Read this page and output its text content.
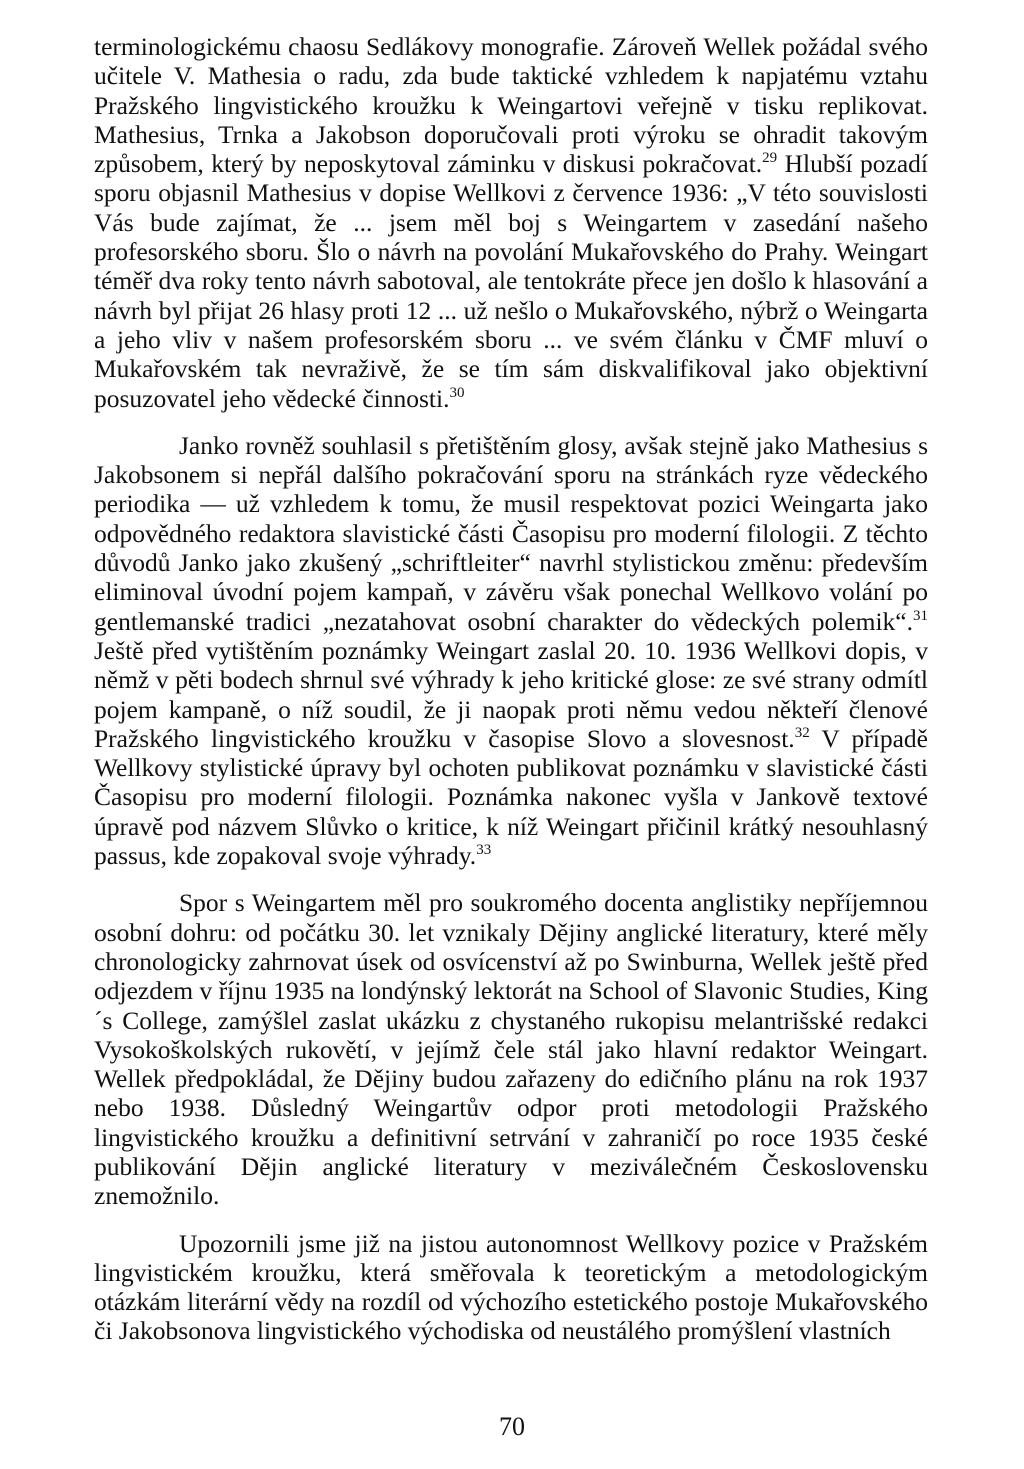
terminologickému chaosu Sedlákovy monografie. Zároveň Wellek požádal svého učitele V. Mathesia o radu, zda bude taktické vzhledem k napjatému vztahu Pražského lingvistického kroužku k Weingartovi veřejně v tisku replikovat. Mathesius, Trnka a Jakobson doporučovali proti výroku se ohradit takovým způsobem, který by neposkytoval záminku v diskusi pokračovat.$^{29}$ Hlubší pozadí sporu objasnil Mathesius v dopise Wellkovi z července 1936: „V této souvislosti Vás bude zajímat, že ... jsem měl boj s Weingartem v zasedání našeho profesorského sboru. Šlo o návrh na povolání Mukařovského do Prahy. Weingart téměř dva roky tento návrh sabotoval, ale tentokráte přece jen došlo k hlasování a návrh byl přijat 26 hlasy proti 12 ... už nešlo o Mukařovského, nýbrž o Weingarta a jeho vliv v našem profesorském sboru ... ve svém článku v ČMF mluví o Mukařovském tak nevraživě, že se tím sám diskvalifikoval jako objektivní posuzovatel jeho vědecké činnosti.$^{30}$

Janko rovněž souhlasil s přetištěním glosy, avšak stejně jako Mathesius s Jakobsonem si nepřál dalšího pokračování sporu na stránkách ryze vědeckého periodika — už vzhledem k tomu, že musil respektovat pozici Weingarta jako odpovědného redaktora slavistické části Časopisu pro moderní filologii. Z těchto důvodů Janko jako zkušený „schriftleiter“ navrhl stylistickou změnu: především eliminoval úvodní pojem kampaň, v závěru však ponechal Wellkovo volání po gentlemanské tradici „nezatahovat osobní charakter do vědeckých polemik“.$^{31}$ Ještě před vytištěním poznámky Weingart zaslal 20. 10. 1936 Wellkovi dopis, v němž v pěti bodech shrnul své výhrady k jeho kritické glose: ze své strany odmítl pojem kampaně, o níž soudil, že ji naopak proti němu vedou někteří členové Pražského lingvistického kroužku v časopise Slovo a slovesnost.$^{32}$ V případě Wellkovy stylistické úpravy byl ochoten publikovat poznámku v slavistické části Časopisu pro moderní filologii. Poznámka nakonec vyšla v Jankově textové úpravě pod názvem Slůvko o kritice, k níž Weingart přičinil krátký nesouhlasný passus, kde zopakoval svoje výhrady.$^{33}$

Spor s Weingartem měl pro soukromého docenta anglistiky nepříjemnou osobní dohru: od počátku 30. let vznikaly Dějiny anglické literatury, které měly chronologicky zahrnovat úsek od osvícenství až po Swinburna, Wellek ještě před odjezdem v říjnu 1935 na londýnský lektorát na School of Slavonic Studies, King´s College, zamýšlel zaslat ukázku z chystaného rukopisu melantrišské redakci Vysokoškolských rukovětí, v jejímž čele stál jako hlavní redaktor Weingart. Wellek předpokládal, že Dějiny budou zařazeny do edičního plánu na rok 1937 nebo 1938. Důsledný Weingartův odpor proti metodologii Pražského lingvistického kroužku a definitivní setrvání v zahraničí po roce 1935 české publikování Dějin anglické literatury v meziválečném Československu znemožnilo.

Upozornili jsme již na jistou autonomnost Wellkovy pozice v Pražském lingvistickém kroužku, která směřovala k teoretickým a metodologickým otázkám literární vědy na rozdíl od výchozího estetického postoje Mukařovského či Jakobsonova lingvistického východiska od neustálého promýšlení vlastních

70
